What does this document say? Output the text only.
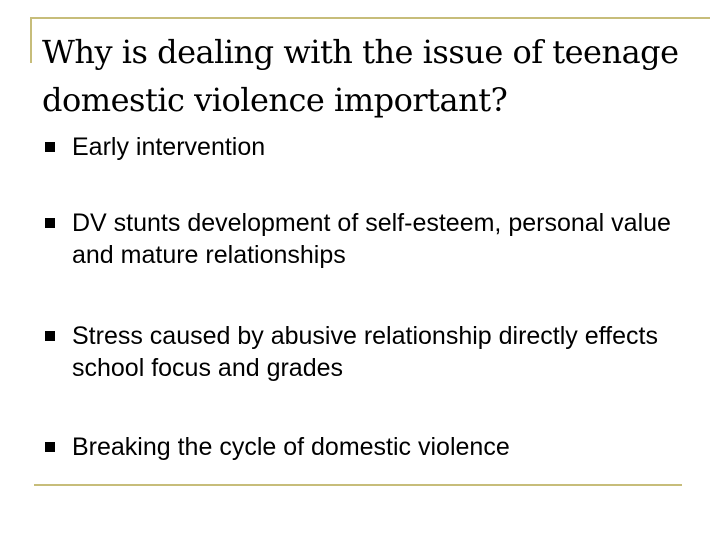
Why is dealing with the issue of teenage domestic violence important?
Early intervention
DV stunts development of self-esteem, personal value and mature relationships
Stress caused by abusive relationship directly effects school focus and grades
Breaking the cycle of domestic violence
